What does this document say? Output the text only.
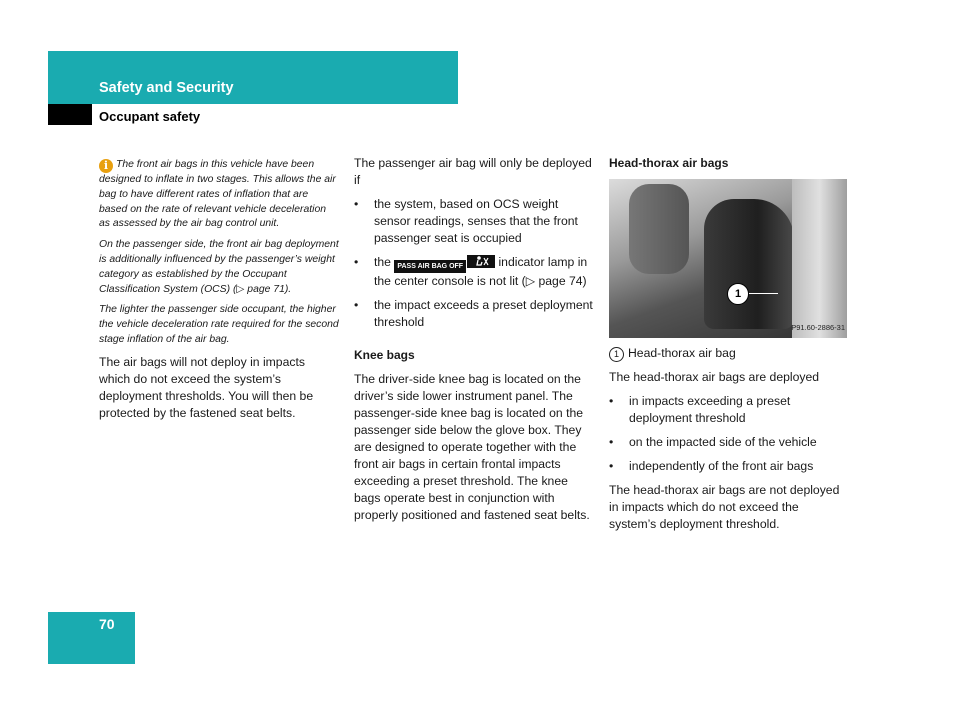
Safety and Security
Occupant safety

i The front air bags in this vehicle have been designed to inflate in two stages. This allows the air bag to have different rates of inflation that are based on the rate of relevant vehicle deceleration as assessed by the air bag control unit.

On the passenger side, the front air bag deployment is additionally influenced by the passenger’s weight category as established by the Occupant Classification System (OCS) (▷ page 71).

The lighter the passenger side occupant, the higher the vehicle deceleration rate required for the second stage inflation of the air bag.

The air bags will not deploy in impacts which do not exceed the system’s deployment thresholds. You will then be protected by the fastened seat belts.

The passenger air bag will only be deployed if

• the system, based on OCS weight sensor readings, senses that the front passenger seat is occupied
• the PASS AIR BAG OFF	indicator lamp in the center console is not lit (▷ page 74)
• the impact exceeds a preset deployment threshold
Knee bags

The driver-side knee bag is located on the driver’s side lower instrument panel. The passenger-side knee bag is located on the passenger side below the glove box. They are designed to operate together with the front air bags in certain frontal impacts exceeding a preset threshold. The knee bags operate best in conjunction with properly positioned and fastened seat belts.

Head-thorax air bags
1
P91.60-2886-31

1 Head-thorax air bag

The head-thorax air bags are deployed

• in impacts exceeding a preset deployment threshold
• on the impacted side of the vehicle
• independently of the front air bags

The head-thorax air bags are not deployed in impacts which do not exceed the system’s deployment threshold.

70
